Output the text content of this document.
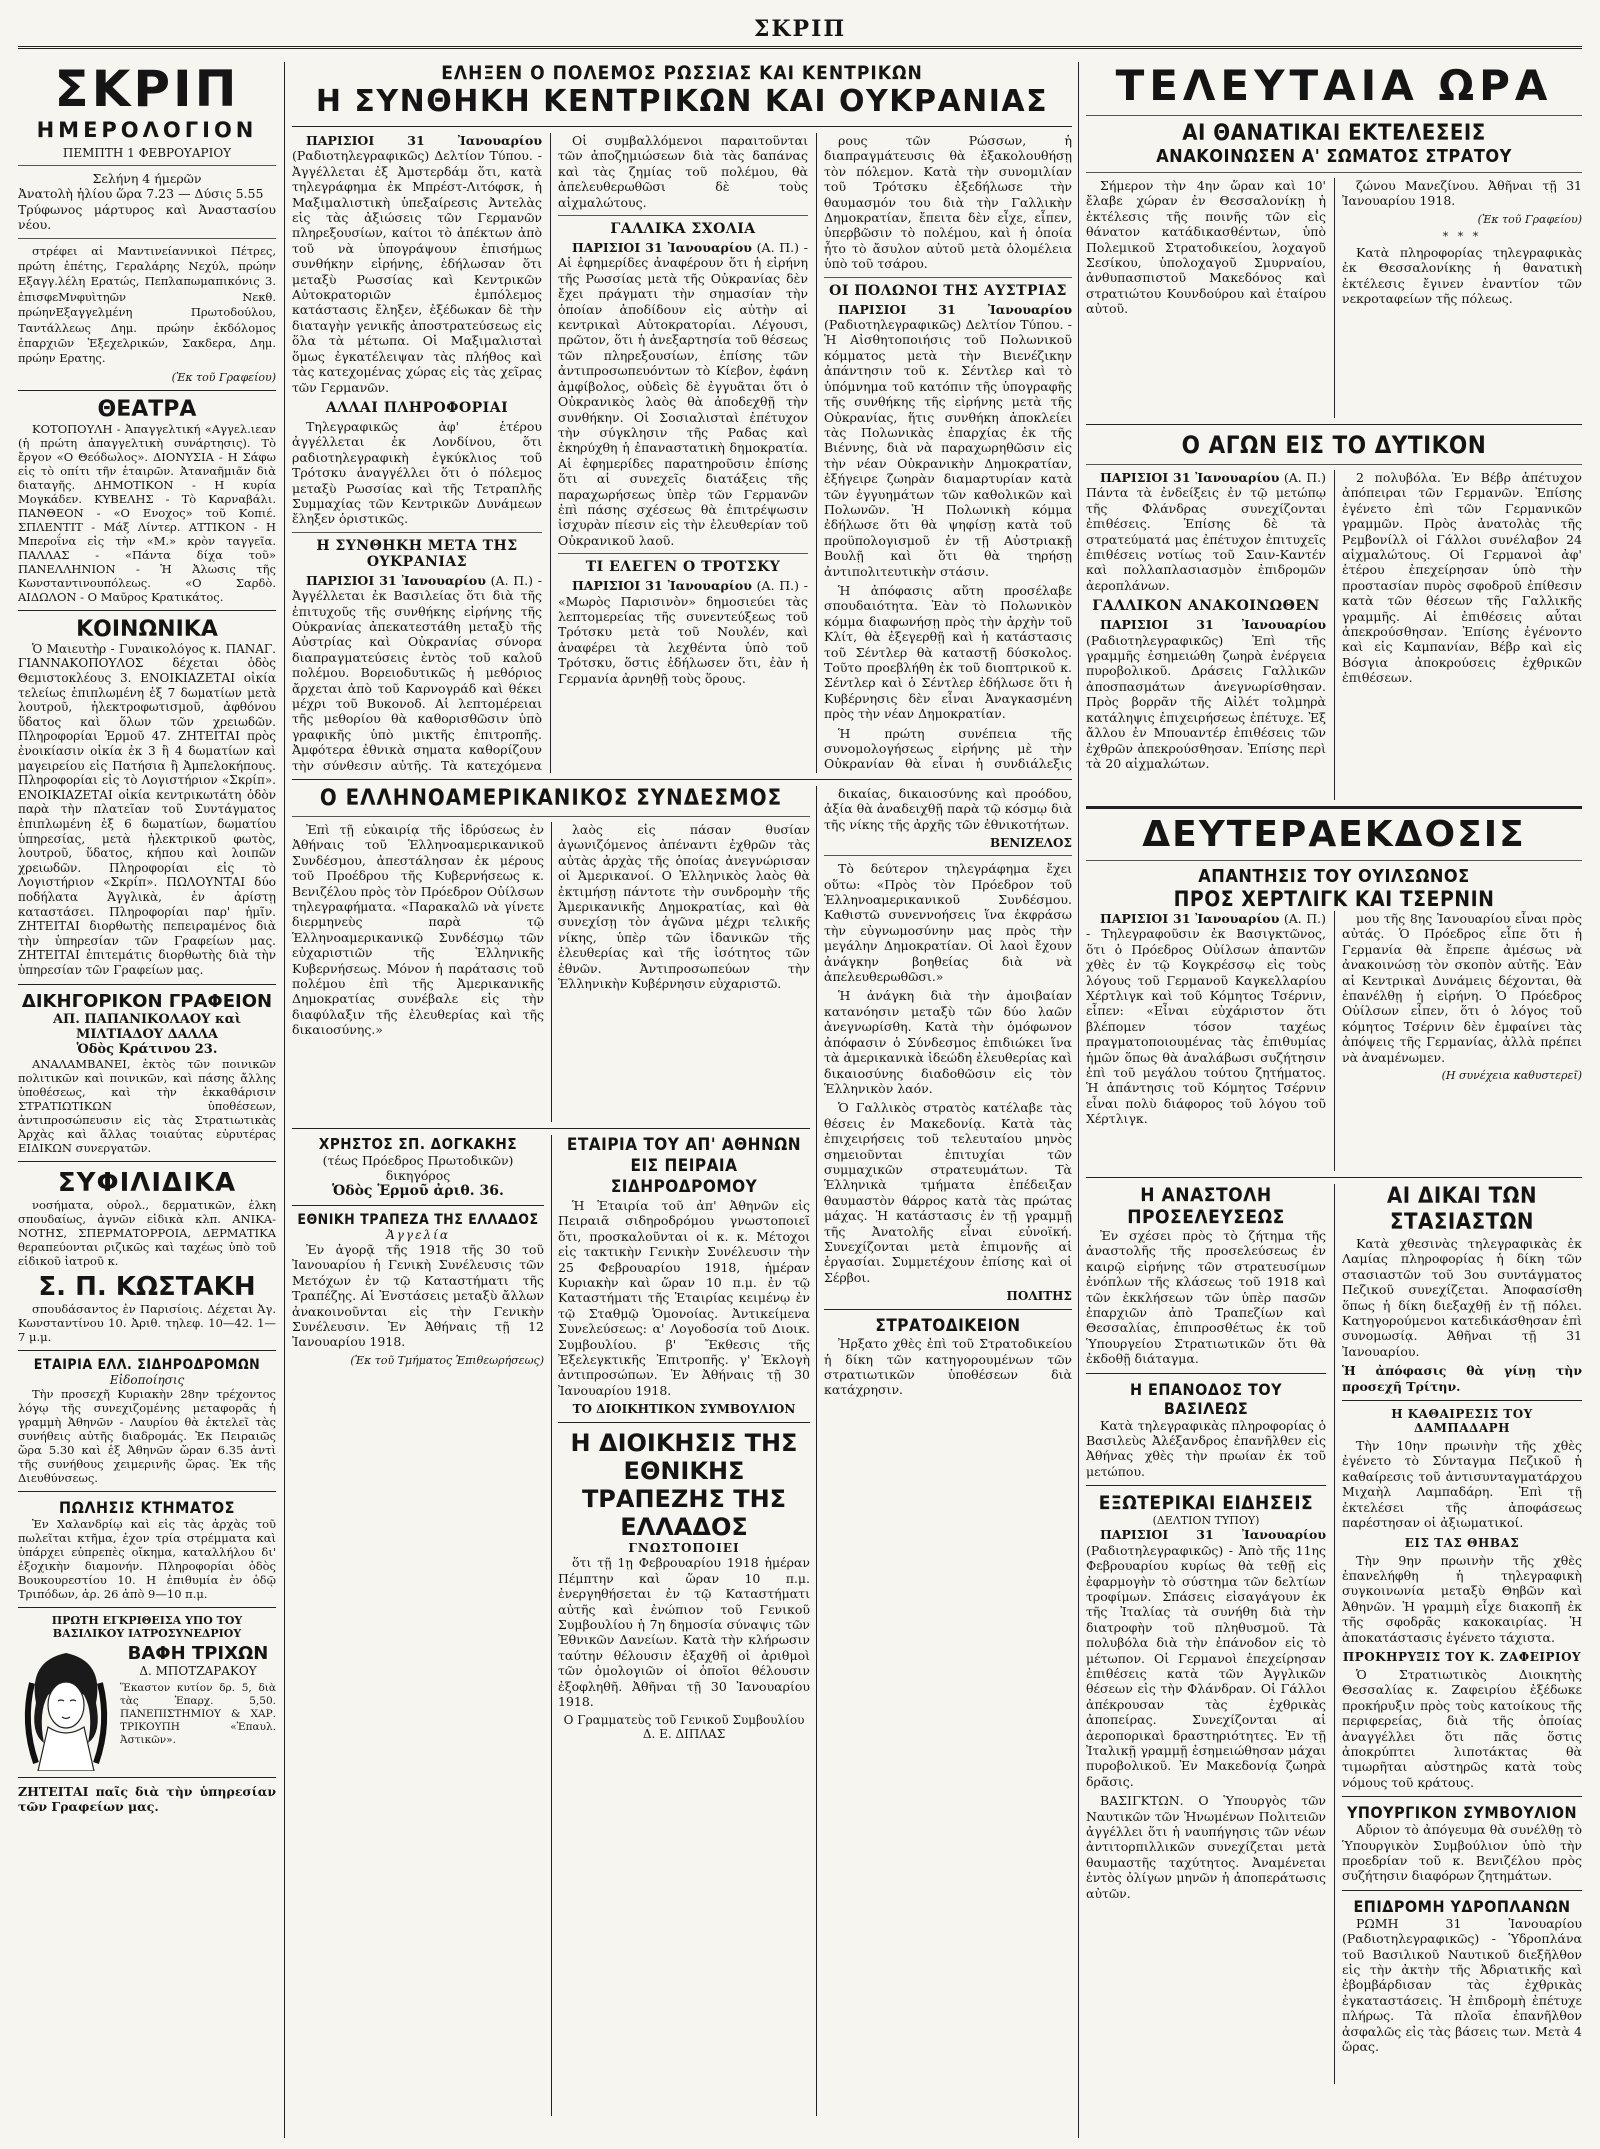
ΣΚΡΙΠ
ΣΚΡΙΠ
ΗΜΕΡΟΛΟΓΙΟΝ
ΠΕΜΠΤΗ 1 ΦΕΒΡΟΥΑΡΙΟΥ
Σελήνη 4 ήμερῶν
Ἀνατολὴ ἡλίου ὥρα 7.23 — Δύσις 5.55
Τρύφωνος μάρτυρος καὶ Ἀναστασίου νέου.

στρέφει αἱ Μαντινείαννικοὶ Πέτρες, πρώτη ἐπέτης, Γεραλάρης Νεχύλ, πρώην Εξαγγ.λέλη Ερατώς, Πεπλαπωμαπικόνις 3. ἐπισφεΜνφυὶτηῶν Νεκθ. πρώηνΕξαγγελμένη Πρωτοδούλου, Ταντάλλεως Δημ. πρώην ἐκδόλομος ἐπαρχιῶν Ἐξεχελρικών, Σακδερα, Δημ. πρώην Ερατης.

(Ἐκ τοῦ Γραφείου)
ΘΕΑΤΡΑ

ΚΟΤΟΠΟΥΛΗ - Ἀπαγγελτική «Αγγελ.ιεαν (ἡ πρώτη ἀπαγγελτικὴ συνάρτησις). Τὸ ἔργον «Ο Θεόδωλος». ΔΙΟΝΥΣΙΑ - Η Σάφω εἰς τὸ οπίτι τῆν ἑταιρῶν. Ἀταναῆμιᾶν διὰ διαταγῆς. ΔΗΜΟΤΙΚΟΝ - Η κυρία Μογκάδεν. ΚΥΒΕΛΗΣ - Τὸ Καρναβάλι. ΠΑΝΘΕΟΝ - «Ο Ενοχος» τοῦ Κοπιέ. ΣΠΛΕΝΤΙΤ - Μάξ Λίντερ. ΑΤΤΙΚΟΝ - Η Μπεροΐνα εἰς τὴν «Μ.» κρὸν ταγγεῖα. ΠΑΛΛΑΣ - «Πάντα δίχα τοῦ» ΠΑΝΕΛΛΗΝΙΟΝ - Ἡ Ἀλωσις τῆς Κωνσταντινουπόλεως. «Ο Σαρδὸ. ΑΙΔΩΛΟΝ - Ο Μαῦρος Κρατικάτος.

ΚΟΙΝΩΝΙΚΑ

Ὁ Μαιευτὴρ - Γυναικολόγος κ. ΠΑΝΑΓ. ΓΙΑΝΝΑΚΟΠΟΥΛΟΣ δέχεται ὁδὸς Θεμιστοκλέους 3. ΕΝΟΙΚΙΑΖΕΤΑΙ οἰκία τελείως ἐπιπλωμένη ἐξ 7 δωματίων μετὰ λουτροῦ, ἠλεκτροφωτισμοῦ, ἀφθόνου ὕδατος καὶ ὅλων τῶν χρειωδῶν. Πληροφορίαι Ἑρμοῦ 47. ΖΗΤΕΙΤΑΙ πρὸς ἐνοικίασιν οἰκία ἐκ 3 ἢ 4 δωματίων καὶ μαγειρείου εἰς Πατήσια ἢ Ἀμπελοκήπους. Πληροφορίαι εἰς τὸ Λογιστήριον «Σκρίπ». ΕΝΟΙΚΙΑΖΕΤΑΙ οἰκία κεντρικωτάτη ὁδὸν παρὰ τὴν πλατεῖαν τοῦ Συντάγματος ἐπιπλωμένη ἐξ 6 δωματίων, δωματίου ὑπηρεσίας, μετὰ ἠλεκτρικοῦ φωτὸς, λουτροῦ, ὕδατος, κήπου καὶ λοιπῶν χρειωδῶν. Πληροφορίαι εἰς τὸ Λογιστήριον «Σκρίπ». ΠΩΛΟΥΝΤΑΙ δύο ποδήλατα Ἀγγλικὰ, ἐν ἀρίστῃ καταστάσει. Πληροφορίαι παρ' ἡμῖν. ΖΗΤΕΙΤΑΙ διορθωτὴς πεπειραμένος διὰ τὴν ὑπηρεσίαν τῶν Γραφείων μας. ΖΗΤΕΙΤΑΙ ἐπιτεμάτις διορθωτὴς διὰ τὴν ὑπηρεσίαν τῶν Γραφείων μας.

ΔΙΚΗΓΟΡΙΚΟΝ ΓΡΑΦΕΙΟΝ
ΑΠ. ΠΑΠΑΝΙΚΟΛΑΟΥ καὶ ΜΙΛΤΙΑΔΟΥ ΔΑΛΛΑ
Ὁδὸς Κράτινου 23.

ΑΝΑΛΑΜΒΑΝΕΙ, ἐκτὸς τῶν ποινικῶν πολιτικῶν καὶ ποινικῶν, καὶ πάσης ἄλλης ὑποθέσεως, καὶ τὴν ἐκκαθάρισιν ΣΤΡΑΤΙΩΤΙΚΩΝ ὑποθέσεων, ἀντιπροσώπευσιν εἰς τὰς Στρατιωτικὰς Ἀρχὰς καὶ ἄλλας τοιαύτας εὐρυτέρας ΕΙΔΙΚΩΝ συνεργατῶν.

ΣΥΦΙΛΙΔΙΚΑ

νοσήματα, οὐρολ., δερματικῶν, ἐλκη σπουδαίως, ἀγνῶν εἰδικὰ κλπ. ΑΝΙΚΑ-ΝΟΤΗΣ, ΣΠΕΡΜΑΤΟΡΡΟΙΑ, ΔΕΡΜΑΤΙΚΑ θεραπεύονται ριζικῶς καὶ ταχέως ὑπὸ τοῦ εἰδικοῦ ἰατροῦ κ.

Σ. Π. ΚΩΣΤΑΚΗ

σπουδάσαντος ἐν Παρισίοις. Δέχεται Ἀγ. Κωνσταντίνου 10. Ἀριθ. τηλεφ. 10—42. 1—7 μ.μ.

ΕΤΑΙΡΙΑ ΕΛΛ. ΣΙΔΗΡΟΔΡΟΜΩΝ
Εἰδοποίησις

Τὴν προσεχῆ Κυριακὴν 28ην τρέχοντος λόγῳ τῆς συνεχιζομένης μεταφορᾶς ἡ γραμμὴ Ἀθηνῶν - Λαυρίου θὰ ἐκτελεῖ τὰς συνήθεις αὐτῆς διαδρομάς. Ἐκ Πειραιῶς ὥρα 5.30 καὶ ἐξ Ἀθηνῶν ὥραν 6.35 ἀντὶ τῆς συνήθους χειμερινῆς ὥρας. Ἐκ τῆς Διευθύνσεως.

ΠΩΛΗΣΙΣ ΚΤΗΜΑΤΟΣ

Ἐν Χαλανδρίῳ καὶ εἰς τὰς ἀρχὰς τοῦ πωλεῖται κτῆμα, ἐχον τρία στρέμματα καὶ ὑπάρχει εὐπρεπὲς οἴκημα, καταλλήλου δι' ἐξοχικὴν διαμονήν. Πληροφορίαι ὁδὸς Βουκουρεστίου 10. Η ἐπιθυμία ἐν ὁδῷ Τριπόδων, ἀρ. 26 ἀπὸ 9—10 π.μ.

ΠΡΩΤΗ ΕΓΚΡΙΘΕΙΣΑ ΥΠΟ ΤΟΥ ΒΑΣΙΛΙΚΟΥ ΙΑΤΡΟΣΥΝΕΔΡΙΟΥ
ΒΑΦΗ ΤΡΙΧΩΝ
Δ. ΜΠΟΤΖΑΡΑΚΟΥ
Ἕκαστον κυτίον δρ. 5, διὰ τὰς Ἐπαρχ. 5,50. ΠΑΝΕΠΙΣΤΗΜΙΟΥ & ΧΑΡ. ΤΡΙΚΟΥΠΗ «Ἐπαυλ. Ἀστικῶν».
ΖΗΤΕΙΤΑΙ παῖς διὰ τὴν ὑπηρεσίαν τῶν Γραφείων μας.
ΕΛΗΞΕΝ Ο ΠΟΛΕΜΟΣ ΡΩΣΣΙΑΣ ΚΑΙ ΚΕΝΤΡΙΚΩΝ
Η ΣΥΝΘΗΚΗ ΚΕΝΤΡΙΚΩΝ ΚΑΙ ΟΥΚΡΑΝΙΑΣ

ΠΑΡΙΣΙΟΙ 31 Ἰανουαρίου (Ραδιοτηλεγραφικῶς) Δελτίον Τύπου. - Ἀγγέλλεται ἐξ Ἀμστερδάμ ὅτι, κατὰ τηλεγράφημα ἐκ Μπρέστ-Λιτόφσκ, ἡ Μαξιμαλιστικὴ ὑπεξαίρεσις Ἀντελὰς εἰς τὰς ἀξιώσεις τῶν Γερμανῶν πληρεξουσίων, καίτοι τὸ ἀπέκτων ἀπὸ τοῦ νὰ ὑπογράψουν ἐπισήμως συνθήκην εἰρήνης, ἐδήλωσαν ὅτι μεταξὺ Ρωσσίας καὶ Κεντρικῶν Αὐτοκρατοριῶν ἐμπόλεμος κατάστασις ἔληξεν, ἐξέδωκαν δὲ τὴν διαταγὴν γενικῆς ἀποστρατεύσεως εἰς ὅλα τὰ μέτωπα. Οἱ Μαξιμαλισταὶ ὅμως ἐγκατέλειψαν τὰς πλήθος καὶ τὰς κατεχομένας χώρας εἰς τὰς χεῖρας τῶν Γερμανῶν.

ΑΛΛΑΙ ΠΛΗΡΟΦΟΡΙΑΙ

Τηλεγραφικῶς ἀφ' ἑτέρου ἀγγέλλεται ἐκ Λονδίνου, ὅτι ραδιοτηλεγραφικὴ ἐγκύκλιος τοῦ Τρότσκυ ἀναγγέλλει ὅτι ὁ πόλεμος μεταξὺ Ρωσσίας καὶ τῆς Τετραπλῆς Συμμαχίας τῶν Κεντρικῶν Δυνάμεων ἔληξεν ὁριστικῶς.

Η ΣΥΝΘΗΚΗ ΜΕΤΑ ΤΗΣ ΟΥΚΡΑΝΙΑΣ

ΠΑΡΙΣΙΟΙ 31 Ἰανουαρίου (Α. Π.) - Ἀγγέλλεται ἐκ Βασιλείας ὅτι διὰ τῆς ἐπιτυχοῦς τῆς συνθήκης εἰρήνης τῆς Οὐκρανίας ἀπεκατεστάθη μεταξὺ τῆς Αὐστρίας καὶ Οὐκρανίας σύνορα διαπραγματεύσεις ἐντὸς τοῦ καλοῦ πολέμου. Βορειοδυτικῶς ἡ μεθόριος ἄρχεται ἀπὸ τοῦ Καρνογράδ καὶ θέκει μέχρι τοῦ Βυκονοδ. Αἱ λεπτομέρειαι τῆς μεθορίου θὰ καθορισθῶσιν ὑπὸ γραφικῆς ὑπὸ μικτῆς ἐπιτροπῆς. Ἀμφότερα ἐθνικὰ σηματα καθορίζουν τὴν σύνθεσιν αὐτῆς. Τὰ κατεχόμενα

Οἱ συμβαλλόμενοι παραιτοῦνται τῶν ἀποζημιώσεων διὰ τὰς δαπάνας καὶ τὰς ζημίας τοῦ πολέμου, θὰ ἀπελευθερωθῶσι δὲ τοὺς αἰχμαλώτους.

ΓΑΛΛΙΚΑ ΣΧΟΛΙΑ

ΠΑΡΙΣΙΟΙ 31 Ἰανουαρίου (Α. Π.) - Αἱ ἐφημερίδες ἀναφέρουν ὅτι ἡ εἰρήνη τῆς Ρωσσίας μετὰ τῆς Οὐκρανίας δὲν ἔχει πράγματι τὴν σημασίαν τὴν ὁποίαν ἀποδίδουν εἰς αὐτὴν αἱ κεντρικαὶ Αὐτοκρατορίαι. Λέγουσι, πρῶτον, ὅτι ἡ ἀνεξαρτησία τοῦ θέσεως τῶν πληρεξουσίων, ἐπίσης τῶν ἀντιπροσωπευόντων τὸ Κίεβον, ἐφάνη ἀμφίβολος, οὐδεὶς δὲ ἐγγυᾶται ὅτι ὁ Οὐκρανικὸς λαὸς θὰ ἀποδεχθῇ τὴν συνθήκην. Οἱ Σοσιαλισταὶ ἐπέτυχον τὴν σύγκλησιν τῆς Ραδας καὶ ἐκηρύχθη ἡ ἐπαναστατικὴ δημοκρατία. Αἱ ἐφημερίδες παρατηροῦσιν ἐπίσης ὅτι αἱ συνεχεῖς διατάξεις τῆς παραχωρήσεως ὑπὲρ τῶν Γερμανῶν ἐπὶ πάσης σχέσεως θὰ ἐπιτρέψωσιν ἰσχυρὰν πίεσιν εἰς τὴν ἐλευθερίαν τοῦ Οὐκρανικοῦ λαοῦ.

ΤΙ ΕΛΕΓΕΝ Ο ΤΡΟΤΣΚΥ

ΠΑΡΙΣΙΟΙ 31 Ἰανουαρίου (Α. Π.) - «Μωρὸς Παρισινὸν» δημοσιεύει τὰς λεπτομερείας τῆς συνεντεύξεως τοῦ Τρότσκυ μετὰ τοῦ Νουλέν, καὶ ἀναφέρει τὰ λεχθέντα ὑπὸ τοῦ Τρότσκυ, ὅστις ἐδήλωσεν ὅτι, ἐὰν ἡ Γερμανία ἀρνηθῇ τοὺς ὅρους.

ρους τῶν Ρώσσων, ἡ διαπραγμάτευσις θὰ ἐξακολουθήσῃ τὸν πόλεμον. Κατὰ τὴν συνομιλίαν τοῦ Τρότσκυ ἐξεδήλωσε τὴν θαυμασμόν του διὰ τὴν Γαλλικὴν Δημοκρατίαν, ἔπειτα δὲν εἶχε, εἶπεν, ὑπερβῶσιν τὸ πολέμου, καὶ ἡ ὁποία ἦτο τὸ ἄσυλον αὐτοῦ μετὰ ὁλομέλεια ὑπὸ τοῦ τσάρου.

ΟΙ ΠΟΛΩΝΟΙ ΤΗΣ ΑΥΣΤΡΙΑΣ

ΠΑΡΙΣΙΟΙ 31 Ἰανουαρίου (Ραδιοτηλεγραφικῶς) Δελτίον Τύπου. - Ἡ Αἰσθητοποιήσις τοῦ Πολωνικοῦ κόμματος μετὰ τὴν Βιενέζικην ἀπάντησιν τοῦ κ. Σέντλερ καὶ τὸ ὑπόμνημα τοῦ κατόπιν τῆς ὑπογραφῆς τῆς συνθήκης τῆς εἰρήνης μετὰ τῆς Οὐκρανίας, ἥτις συνθήκη ἀποκλείει τὰς Πολωνικὰς ἐπαρχίας ἐκ τῆς Βιέννης, διὰ νὰ παραχωρηθῶσιν εἰς τὴν νέαν Οὐκρανικὴν Δημοκρατίαν, ἐξήγειρε ζωηρὰν διαμαρτυρίαν κατὰ τῶν ἐγγυημάτων τῶν καθολικῶν καὶ Πολωνῶν. Ἡ Πολωνικὴ κόμμα ἐδήλωσε ὅτι θὰ ψηφίσῃ κατὰ τοῦ προϋπολογισμοῦ ἐν τῇ Αὐστριακῇ Βουλῇ καὶ ὅτι θὰ τηρήσῃ ἀντιπολιτευτικὴν στάσιν.

Ἡ ἀπόφασις αὕτη προσέλαβε σπουδαιότητα. Ἐὰν τὸ Πολωνικὸν κόμμα διαφωνήσῃ πρὸς τὴν ἀρχὴν τοῦ Κλίτ, θὰ ἐξεγερθῇ καὶ ἡ κατάστασις τοῦ Σέντλερ θὰ καταστῇ δύσκολος. Τοῦτο προεβλήθη ἐκ τοῦ διοπτρικοῦ κ. Σέντλερ καὶ ὁ Σέντλερ ἐδήλωσε ὅτι ἡ Κυβέρνησις δὲν εἶναι Ἀναγκασμένη πρὸς τὴν νέαν Δημοκρατίαν.

Ἡ πρώτη συνέπεια τῆς συνομολογήσεως εἰρήνης μὲ τὴν Οὐκρανίαν θὰ εἶναι ἡ συνδιάλεξις

Ο ΕΛΛΗΝΟΑΜΕΡΙΚΑΝΙΚΟΣ ΣΥΝΔΕΣΜΟΣ

Ἐπὶ τῇ εὐκαιρίᾳ τῆς ἱδρύσεως ἐν Ἀθήναις τοῦ Ἑλληνοαμερικανικοῦ Συνδέσμου, ἀπεστάλησαν ἐκ μέρους τοῦ Προέδρου τῆς Κυβερνήσεως κ. Βενιζέλου πρὸς τὸν Πρόεδρον Οὐίλσων τηλεγραφήματα. «Παρακαλῶ νὰ γίνετε διερμηνεὺς παρὰ τῷ Ἑλληνοαμερικανικῷ Συνδέσμῳ τῶν εὐχαριστιῶν τῆς Ἑλληνικῆς Κυβερνήσεως. Μόνον ἡ παράτασις τοῦ πολέμου ἐπὶ τῆς Ἀμερικανικῆς Δημοκρατίας συνέβαλε εἰς τὴν διαφύλαξιν τῆς ἐλευθερίας καὶ τῆς δικαιοσύνης.»

λαὸς εἰς πάσαν θυσίαν ἀγωνιζόμενος ἀπέναντι ἐχθρῶν τὰς αὐτὰς ἀρχὰς τῆς ὁποίας ἀνεγνώρισαν οἱ Ἀμερικανοί. Ο Ἑλληνικὸς λαὸς θὰ ἐκτιμήσῃ πάντοτε τὴν συνδρομὴν τῆς Ἀμερικανικῆς Δημοκρατίας, καὶ θὰ συνεχίσῃ τὸν ἀγῶνα μέχρι τελικῆς νίκης, ὑπὲρ τῶν ἰδανικῶν τῆς ἐλευθερίας καὶ τῆς ἰσότητος τῶν ἐθνῶν. Ἀντιπροσωπεύων τὴν Ἑλληνικὴν Κυβέρνησιν εὐχαριστῶ.

ΧΡΗΣΤΟΣ ΣΠ. ΔΟΓΚΑΚΗΣ
(τέως Πρόεδρος Πρωτοδικῶν) δικηγόρος
Ὁδὸς Ἑρμοῦ ἀριθ. 36.
ΕΘΝΙΚΗ ΤΡΑΠΕΖΑ ΤΗΣ ΕΛΛΑΔΟΣ
Ἀγγελία

Ἐν ἀγορᾷ τῆς 1918 τῆς 30 τοῦ Ἰανουαρίου ἡ Γενικὴ Συνέλευσις τῶν Μετόχων ἐν τῷ Καταστήματι τῆς Τραπέζης. Αἱ Ἐνστάσεις μεταξὺ ἄλλων ἀνακοινοῦνται εἰς τὴν Γενικὴν Συνέλευσιν. Ἐν Ἀθήναις τῇ 12 Ἰανουαρίου 1918.

(Ἐκ τοῦ Τμήματος Ἐπιθεωρήσεως)
ΕΤΑΙΡΙΑ ΤΟΥ ΑΠ' ΑΘΗΝΩΝ ΕΙΣ ΠΕΙΡΑΙΑ ΣΙΔΗΡΟΔΡΟΜΟΥ

Ἡ Ἑταιρία τοῦ ἀπ' Ἀθηνῶν εἰς Πειραιᾶ σιδηροδρόμου γνωστοποιεῖ ὅτι, προσκαλοῦνται οἱ κ. κ. Μέτοχοι εἰς τακτικὴν Γενικὴν Συνέλευσιν τὴν 25 Φεβρουαρίου 1918, ἡμέραν Κυριακὴν καὶ ὥραν 10 π.μ. ἐν τῷ Καταστήματι τῆς Ἑταιρίας κειμένῳ ἐν τῷ Σταθμῷ Ὁμονοίας. Ἀντικείμενα Συνελεύσεως: α' Λογοδοσία τοῦ Διοικ. Συμβουλίου. β' Ἔκθεσις τῆς Ἐξελεγκτικῆς Ἐπιτροπῆς. γ' Ἐκλογὴ ἀντιπροσώπων. Ἐν Ἀθήναις τῇ 30 Ἰανουαρίου 1918.

ΤΟ ΔΙΟΙΚΗΤΙΚΟΝ ΣΥΜΒΟΥΛΙΟΝ
Η ΔΙΟΙΚΗΣΙΣ ΤΗΣ ΕΘΝΙΚΗΣ ΤΡΑΠΕΖΗΣ ΤΗΣ ΕΛΛΑΔΟΣ
ΓΝΩΣΤΟΠΟΙΕΙ

ὅτι τῇ 1ῃ Φεβρουαρίου 1918 ἡμέραν Πέμπτην καὶ ὥραν 10 π.μ. ἐνεργηθήσεται ἐν τῷ Καταστήματι αὐτῆς καὶ ἐνώπιον τοῦ Γενικοῦ Συμβουλίου ἡ 7η δημοσία σύναψις τῶν Ἐθνικῶν Δανείων. Κατὰ τὴν κλήρωσιν ταύτην θέλουσιν ἐξαχθῆ οἱ ἀριθμοὶ τῶν ὁμολογιῶν οἱ ὁποῖοι θέλουσιν ἐξοφληθῆ. Ἀθῆναι τῇ 30 Ἰανουαρίου 1918.

Ο Γραμματεὺς τοῦ Γενικοῦ Συμβουλίου Δ. Ε. ΔΙΠΛΑΣ

δικαίας, δικαιοσύνης καὶ προόδου, ἀξία θὰ ἀναδειχθῇ παρὰ τῷ κόσμῳ διὰ τῆς νίκης τῆς ἀρχῆς τῶν ἐθνικοτήτων.

ΒΕΝΙΖΕΛΟΣ

Τὸ δεύτερον τηλεγράφημα ἔχει οὕτω: «Πρὸς τὸν Πρόεδρον τοῦ Ἑλληνοαμερικανικοῦ Συνδέσμου. Καθιστῶ συνεννοήσεις ἵνα ἐκφράσω τὴν εὐγνωμοσύνην μας πρὸς τὴν μεγάλην Δημοκρατίαν. Οἱ λαοὶ ἔχουν ἀνάγκην βοηθείας διὰ νὰ ἀπελευθερωθῶσι.»

Ἡ ἀνάγκη διὰ τὴν ἀμοιβαίαν κατανόησιν μεταξὺ τῶν δύο λαῶν ἀνεγνωρίσθη. Κατὰ τὴν ὁμόφωνον ἀπόφασιν ὁ Σύνδεσμος ἐπιδιώκει ἵνα τὰ ἀμερικανικὰ ἰδεώδη ἐλευθερίας καὶ δικαιοσύνης διαδοθῶσιν εἰς τὸν Ἑλληνικὸν λαόν.

Ὁ Γαλλικὸς στρατὸς κατέλαβε τὰς θέσεις ἐν Μακεδονίᾳ. Κατὰ τὰς ἐπιχειρήσεις τοῦ τελευταίου μηνὸς σημειοῦνται ἐπιτυχίαι τῶν συμμαχικῶν στρατευμάτων. Τὰ Ἑλληνικὰ τμήματα ἐπέδειξαν θαυμαστὸν θάρρος κατὰ τὰς πρώτας μάχας. Ἡ κατάστασις ἐν τῇ γραμμῇ τῆς Ἀνατολῆς εἶναι εὐνοϊκή. Συνεχίζονται μετὰ ἐπιμονῆς αἱ ἐργασίαι. Συμμετέχουν ἐπίσης καὶ οἱ Σέρβοι.

ΠΟΛΙΤΗΣ
ΣΤΡΑΤΟΔΙΚΕΙΟΝ

Ἠρξατο χθὲς ἐπὶ τοῦ Στρατοδικείου ἡ δίκη τῶν κατηγορουμένων τῶν στρατιωτικῶν ὑποθέσεων διὰ κατάχρησιν.

ΤΕΛΕΥΤΑΙΑ ΩΡΑ
ΑΙ ΘΑΝΑΤΙΚΑΙ ΕΚΤΕΛΕΣΕΙΣ
ΑΝΑΚΟΙΝΩΣΕΝ Α' ΣΩΜΑΤΟΣ ΣΤΡΑΤΟΥ

Σήμερον τὴν 4ην ὥραν καὶ 10' ἔλαβε χώραν ἐν Θεσσαλονίκῃ ἡ ἐκτέλεσις τῆς ποινῆς τῶν εἰς θάνατον κατάδικασθέντων, ὑπὸ Πολεμικοῦ Στρατοδικείου, λοχαγοῦ Σεσίκου, ὑπολοχαγοῦ Σμυρναίου, ἀνθυπασπιστοῦ Μακεδόνος καὶ στρατιώτου Κουνδούρου καὶ ἑταίρου αὐτοῦ.

ζώνου Μανεζίνου. Ἀθῆναι τῇ 31 Ἰανουαρίου 1918.

(Ἐκ τοῦ Γραφείου)
* * *

Κατὰ πληροφορίας τηλεγραφικὰς ἐκ Θεσσαλονίκης ἡ θανατικὴ ἐκτέλεσις ἔγινεν ἐναντίον τῶν νεκροταφείων τῆς πόλεως.

Ο ΑΓΩΝ ΕΙΣ ΤΟ ΔΥΤΙΚΟΝ

ΠΑΡΙΣΙΟΙ 31 Ἰανουαρίου (Α. Π.) Πάντα τὰ ἐνδείξεις ἐν τῷ μετώπῳ τῆς Φλάνδρας συνεχίζονται ἐπιθέσεις. Ἐπίσης δὲ τὰ στρατεύματά μας ἐπέτυχον ἐπιτυχεῖς ἐπιθέσεις νοτίως τοῦ Σαιν-Καντέν καὶ πολλαπλασιασμὸν ἐπιδρομῶν ἀεροπλάνων.

ΓΑΛΛΙΚΟΝ ΑΝΑΚΟΙΝΩΘΕΝ

ΠΑΡΙΣΙΟΙ 31 Ἰανουαρίου (Ραδιοτηλεγραφικῶς) Ἐπὶ τῆς γραμμῆς ἐσημειώθη ζωηρὰ ἐνέργεια πυροβολικοῦ. Δράσεις Γαλλικῶν ἀποσπασμάτων ἀνεγνωρίσθησαν. Πρὸς βορρᾶν τῆς Αἰλέτ τολμηρὰ κατάληψις ἐπιχειρήσεως ἐπέτυχε. Ἐξ ἄλλου ἐν Μπουαντέρ ἐπιθέσεις τῶν ἐχθρῶν ἀπεκρούσθησαν. Ἐπίσης περὶ τὰ 20 αἰχμαλώτων.

2 πολυβόλα. Ἐν Βέβρ ἀπέτυχον ἀπόπειραι τῶν Γερμανῶν. Ἐπίσης ἐγένετο ἐπὶ τῶν Γερμανικῶν γραμμῶν. Πρὸς ἀνατολὰς τῆς Ρεμβονίλλ οἱ Γάλλοι συνέλαβον 24 αἰχμαλώτους. Οἱ Γερμανοὶ ἀφ' ἑτέρου ἐπεχείρησαν ὑπὸ τὴν προστασίαν πυρὸς σφοδροῦ ἐπίθεσιν κατὰ τῶν θέσεων τῆς Γαλλικῆς γραμμῆς. Αἱ ἐπιθέσεις αὗται ἀπεκρούσθησαν. Ἐπίσης ἐγένοντο καὶ εἰς Καμπανίαν, Βέβρ καὶ εἰς Βόσγια ἀποκρούσεις ἐχθρικῶν ἐπιθέσεων.

ΔΕΥΤΕΡΑΕΚΔΟΣΙΣ
ΑΠΑΝΤΗΣΙΣ ΤΟΥ ΟΥΙΛΣΩΝΟΣ
ΠΡΟΣ ΧΕΡΤΛΙΓΚ ΚΑΙ ΤΣΕΡΝΙΝ

ΠΑΡΙΣΙΟΙ 31 Ἰανουαρίου (Α. Π.) - Τηλεγραφοῦσιν ἐκ Βασιγκτῶνος, ὅτι ὁ Πρόεδρος Οὐίλσων ἀπαντῶν χθὲς ἐν τῷ Κογκρέσσῳ εἰς τοὺς λόγους τοῦ Γερμανοῦ Καγκελλαρίου Χέρτλιγκ καὶ τοῦ Κόμητος Τσέρνιν, εἶπεν: «Εἶναι εὐχάριστον ὅτι βλέπομεν τόσον ταχέως πραγματοποιουμένας τὰς ἐπιθυμίας ἡμῶν ὅπως θὰ ἀναλάβωσι συζήτησιν ἐπὶ τοῦ μεγάλου τούτου ζητήματος. Ἡ ἀπάντησις τοῦ Κόμητος Τσέρνιν εἶναι πολὺ διάφορος τοῦ λόγου τοῦ Χέρτλιγκ.

μου τῆς 8ης Ἰανουαρίου εἶναι πρὸς αὐτάς. Ὁ Πρόεδρος εἶπε ὅτι ἡ Γερμανία θὰ ἔπρεπε ἀμέσως νὰ ἀνακοινώσῃ τὸν σκοπὸν αὐτῆς. Ἐὰν αἱ Κεντρικαὶ Δυνάμεις δέχονται, θὰ ἐπανέλθῃ ἡ εἰρήνη. Ὁ Πρόεδρος Οὐίλσων εἶπεν, ὅτι ὁ λόγος τοῦ κόμητος Τσέρνιν δὲν ἐμφαίνει τὰς ἀπόψεις τῆς Γερμανίας, ἀλλὰ πρέπει νὰ ἀναμένωμεν.

(Η συνέχεια καθυστερεῖ)
Η ΑΝΑΣΤΟΛΗ ΠΡΟΣΕΛΕΥΣΕΩΣ

Ἐν σχέσει πρὸς τὸ ζήτημα τῆς ἀναστολῆς τῆς προσελεύσεως ἐν καιρῷ εἰρήνης τῶν στρατευσίμων ἐνόπλων τῆς κλάσεως τοῦ 1918 καὶ τῶν ἐκκλήσεων τῶν ὑπὲρ πασῶν ἐπαρχιῶν ἀπὸ Τραπεζίων καὶ Θεσσαλίας, ἐπιπροσθέτως ἐκ τοῦ Ὑπουργείου Στρατιωτικῶν ὅτι θὰ ἐκδοθῇ διάταγμα.

Η ΕΠΑΝΟΔΟΣ ΤΟΥ ΒΑΣΙΛΕΩΣ

Κατὰ τηλεγραφικὰς πληροφορίας ὁ Βασιλεὺς Ἀλέξανδρος ἐπανῆλθεν εἰς Ἀθήνας χθὲς τὴν πρωίαν ἐκ τοῦ μετώπου.

ΕΞΩΤΕΡΙΚΑΙ ΕΙΔΗΣΕΙΣ
(ΔΕΛΤΙΟΝ ΤΥΠΟΥ)

ΠΑΡΙΣΙΟΙ 31 Ἰανουαρίου (Ραδιοτηλεγραφικῶς) - Ἀπὸ τῆς 11ης Φεβρουαρίου κυρίως θὰ τεθῇ εἰς ἐφαρμογὴν τὸ σύστημα τῶν δελτίων τροφίμων. Σπάσεις εἰσαγάγουν ἐκ τῆς Ἰταλίας τὰ συνήθη διὰ τὴν διατροφὴν τοῦ πληθυσμοῦ. Τὰ πολυβόλα διὰ τὴν ἐπάνοδον εἰς τὸ μέτωπον. Οἱ Γερμανοὶ ἐπεχείρησαν ἐπιθέσεις κατὰ τῶν Ἀγγλικῶν θέσεων εἰς τὴν Φλάνδραν. Οἱ Γάλλοι ἀπέκρουσαν τὰς ἐχθρικὰς ἀποπείρας. Συνεχίζονται αἱ ἀεροπορικαὶ δραστηριότητες. Ἐν τῇ Ἰταλικῇ γραμμῇ ἐσημειώθησαν μάχαι πυροβολικοῦ. Ἐν Μακεδονίᾳ ζωηρὰ δρᾶσις.

ΒΑΣΙΓΚΤΩΝ. Ο Ὑπουργὸς τῶν Ναυτικῶν τῶν Ἡνωμένων Πολιτειῶν ἀγγέλλει ὅτι ἡ ναυπήγησις τῶν νέων ἀντιτορπιλλικῶν συνεχίζεται μετὰ θαυμαστῆς ταχύτητος. Ἀναμένεται ἐντὸς ὀλίγων μηνῶν ἡ ἀποπεράτωσις αὐτῶν.

ΑΙ ΔΙΚΑΙ ΤΩΝ ΣΤΑΣΙΑΣΤΩΝ

Κατὰ χθεσινὰς τηλεγραφικὰς ἐκ Λαμίας πληροφορίας ἡ δίκη τῶν στασιαστῶν τοῦ 3ου συντάγματος Πεζικοῦ συνεχίζεται. Ἀποφασίσθη ὅπως ἡ δίκη διεξαχθῇ ἐν τῇ πόλει. Κατηγορούμενοι κατεδικάσθησαν ἐπὶ συνομωσίᾳ. Ἀθῆναι τῇ 31 Ἰανουαρίου.

Ἡ ἀπόφασις θὰ γίνῃ τὴν προσεχῆ Τρίτην.
Η ΚΑΘΑΙΡΕΣΙΣ ΤΟΥ ΔΑΜΠΑΔΑΡΗ

Τὴν 10ην πρωινὴν τῆς χθὲς ἐγένετο τὸ Σύνταγμα Πεζικοῦ ἡ καθαίρεσις τοῦ ἀντισυνταγματάρχου Μιχαὴλ Λαμπαδάρη. Ἐπὶ τῇ ἐκτελέσει τῆς ἀποφάσεως παρέστησαν οἱ ἀξιωματικοί.

ΕΙΣ ΤΑΣ ΘΗΒΑΣ

Τὴν 9ην πρωινὴν τῆς χθὲς ἐπανελήφθη ἡ τηλεγραφικὴ συγκοινωνία μεταξὺ Θηβῶν καὶ Ἀθηνῶν. Ἡ γραμμὴ εἶχε διακοπῆ ἐκ τῆς σφοδρᾶς κακοκαιρίας. Ἡ ἀποκατάστασις ἐγένετο τάχιστα.

ΠΡΟΚΗΡΥΞΙΣ ΤΟΥ Κ. ΖΑΦΕΙΡΙΟΥ

Ὁ Στρατιωτικὸς Διοικητὴς Θεσσαλίας κ. Ζαφειρίου ἐξέδωκε προκήρυξιν πρὸς τοὺς κατοίκους τῆς περιφερείας, διὰ τῆς ὁποίας ἀναγγέλλει ὅτι πᾶς ὅστις ἀποκρύπτει λιποτάκτας θὰ τιμωρῆται αὐστηρῶς κατὰ τοὺς νόμους τοῦ κράτους.

ΥΠΟΥΡΓΙΚΟΝ ΣΥΜΒΟΥΛΙΟΝ

Αὔριον τὸ ἀπόγευμα θὰ συνέλθῃ τὸ Ὑπουργικὸν Συμβούλιον ὑπὸ τὴν προεδρίαν τοῦ κ. Βενιζέλου πρὸς συζήτησιν διαφόρων ζητημάτων.

ΕΠΙΔΡΟΜΗ ΥΔΡΟΠΛΑΝΩΝ

ΡΩΜΗ 31 Ἰανουαρίου (Ραδιοτηλεγραφικῶς) - Ὑδροπλάνα τοῦ Βασιλικοῦ Ναυτικοῦ διεξῆλθον εἰς τὴν ἀκτὴν τῆς Ἀδριατικῆς καὶ ἐβομβάρδισαν τὰς ἐχθρικὰς ἐγκαταστάσεις. Ἡ ἐπιδρομὴ ἐπέτυχε πλήρως. Τὰ πλοῖα ἐπανῆλθον ἀσφαλῶς εἰς τὰς βάσεις των. Μετὰ 4 ὥρας.
